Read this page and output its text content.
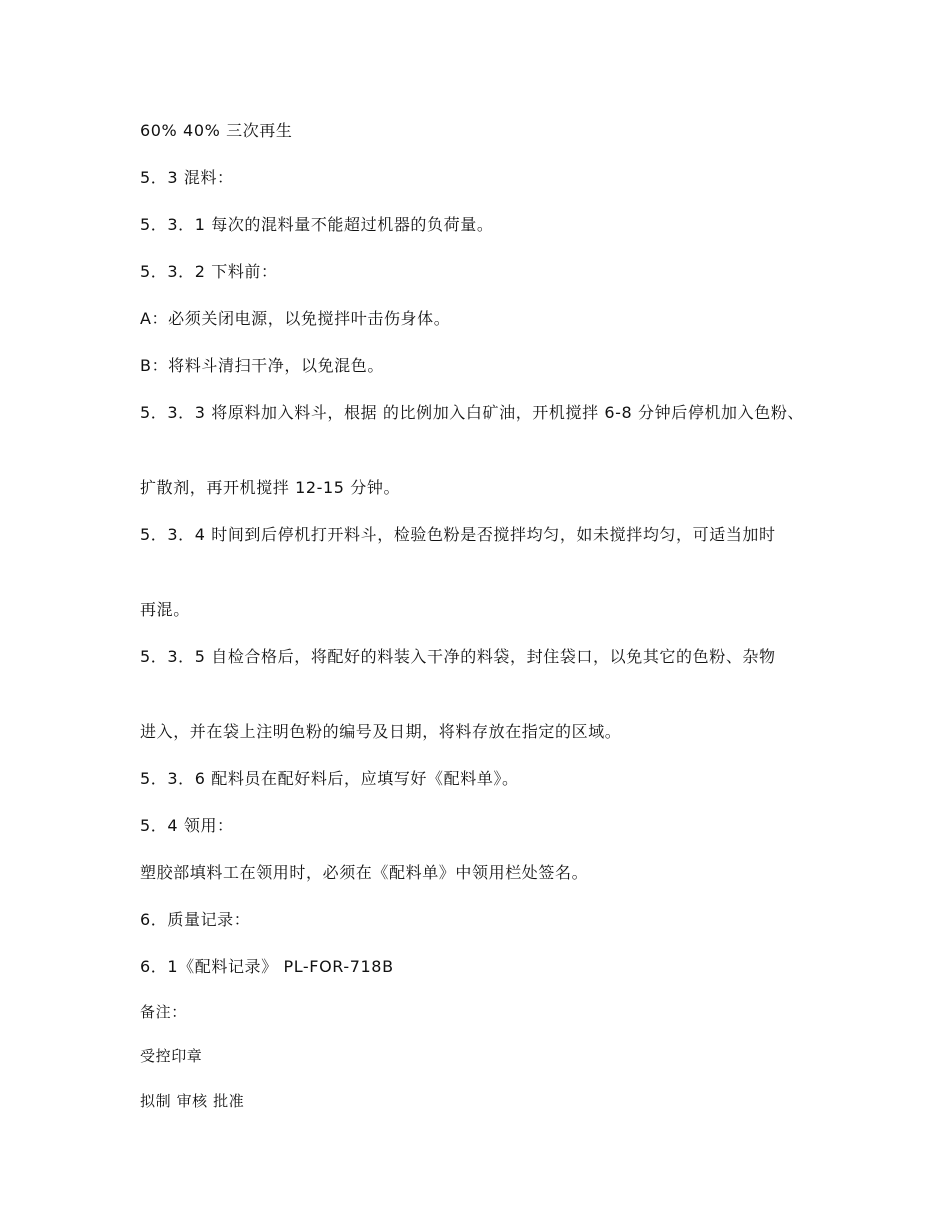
60% 40% 三次再生
5．3 混料：
5．3．1 每次的混料量不能超过机器的负荷量。
5．3．2 下料前：
A：必须关闭电源，以免搅拌叶击伤身体。
B：将料斗清扫干净，以免混色。
5．3．3 将原料加入料斗，根据 的比例加入白矿油，开机搅拌 6-8 分钟后停机加入色粉、
扩散剂，再开机搅拌 12-15 分钟。
5．3．4 时间到后停机打开料斗，检验色粉是否搅拌均匀，如未搅拌均匀，可适当加时
再混。
5．3．5 自检合格后，将配好的料装入干净的料袋，封住袋口，以免其它的色粉、杂物
进入，并在袋上注明色粉的编号及日期，将料存放在指定的区域。
5．3．6 配料员在配好料后，应填写好《配料单》。
5．4 领用：
塑胶部填料工在领用时，必须在《配料单》中领用栏处签名。
6．质量记录：
6．1《配料记录》 PL-FOR-718B
备注：
受控印章
拟制 审核 批准
